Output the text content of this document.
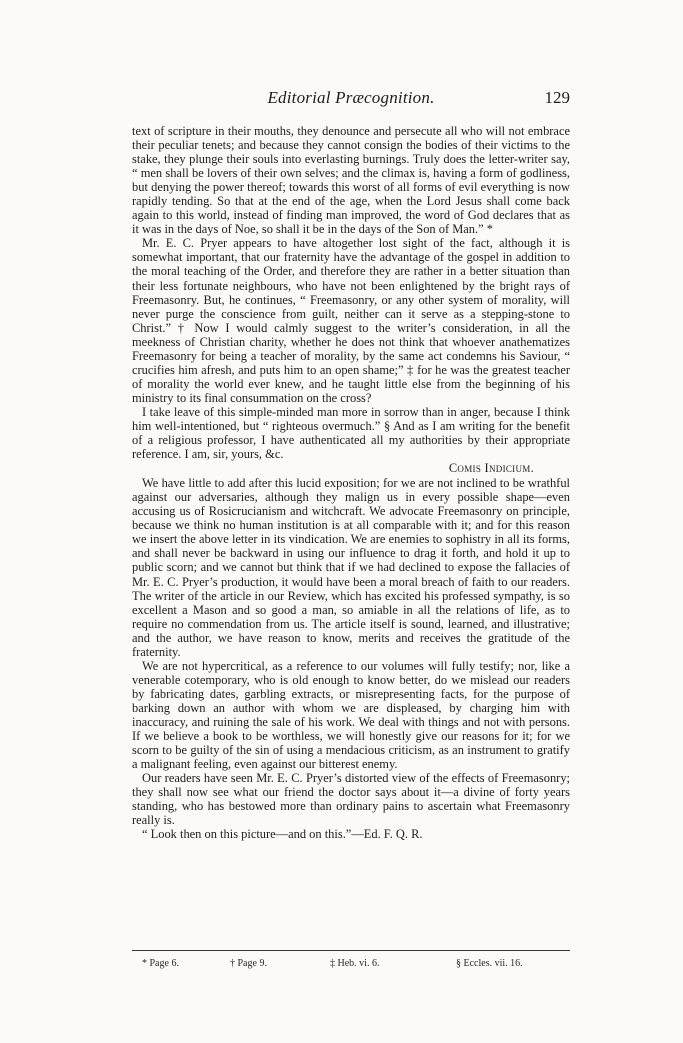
Editorial Præcognition.	129

text of scripture in their mouths, they denounce and persecute all who will not embrace their peculiar tenets; and because they cannot consign the bodies of their victims to the stake, they plunge their souls into everlasting burnings. Truly does the letter-writer say, “ men shall be lovers of their own selves; and the climax is, having a form of godliness, but denying the power thereof; towards this worst of all forms of evil everything is now rapidly tending. So that at the end of the age, when the Lord Jesus shall come back again to this world, instead of finding man improved, the word of God declares that as it was in the days of Noe, so shall it be in the days of the Son of Man.” *

Mr. E. C. Pryer appears to have altogether lost sight of the fact, although it is somewhat important, that our fraternity have the advantage of the gospel in addition to the moral teaching of the Order, and therefore they are rather in a better situation than their less fortunate neighbours, who have not been enlightened by the bright rays of Freemasonry. But, he continues, “ Freemasonry, or any other system of morality, will never purge the conscience from guilt, neither can it serve as a stepping-stone to Christ.” † Now I would calmly suggest to the writer’s consideration, in all the meekness of Christian charity, whether he does not think that whoever anathematizes Freemasonry for being a teacher of morality, by the same act condemns his Saviour, “ crucifies him afresh, and puts him to an open shame;” ‡ for he was the greatest teacher of morality the world ever knew, and he taught little else from the beginning of his ministry to its final consummation on the cross?

I take leave of this simple-minded man more in sorrow than in anger, because I think him well-intentioned, but “ righteous overmuch.” § And as I am writing for the benefit of a religious professor, I have authenticated all my authorities by their appropriate reference. I am, sir, yours, &c.

Comis Indicium.

We have little to add after this lucid exposition; for we are not inclined to be wrathful against our adversaries, although they malign us in every possible shape—even accusing us of Rosicrucianism and witchcraft. We advocate Freemasonry on principle, because we think no human institution is at all comparable with it; and for this reason we insert the above letter in its vindication. We are enemies to sophistry in all its forms, and shall never be backward in using our influence to drag it forth, and hold it up to public scorn; and we cannot but think that if we had declined to expose the fallacies of Mr. E. C. Pryer’s production, it would have been a moral breach of faith to our readers. The writer of the article in our Review, which has excited his professed sympathy, is so excellent a Mason and so good a man, so amiable in all the relations of life, as to require no commendation from us. The article itself is sound, learned, and illustrative; and the author, we have reason to know, merits and receives the gratitude of the fraternity.

We are not hypercritical, as a reference to our volumes will fully testify; nor, like a venerable cotemporary, who is old enough to know better, do we mislead our readers by fabricating dates, garbling extracts, or misrepresenting facts, for the purpose of barking down an author with whom we are displeased, by charging him with inaccuracy, and ruining the sale of his work. We deal with things and not with persons. If we believe a book to be worthless, we will honestly give our reasons for it; for we scorn to be guilty of the sin of using a mendacious criticism, as an instrument to gratify a malignant feeling, even against our bitterest enemy.

Our readers have seen Mr. E. C. Pryer’s distorted view of the effects of Freemasonry; they shall now see what our friend the doctor says about it—a divine of forty years standing, who has bestowed more than ordinary pains to ascertain what Freemasonry really is.

“ Look then on this picture—and on this.”—Ed. F. Q. R.

* Page 6.	† Page 9.	‡ Heb. vi. 6.	§ Eccles. vii. 16.
